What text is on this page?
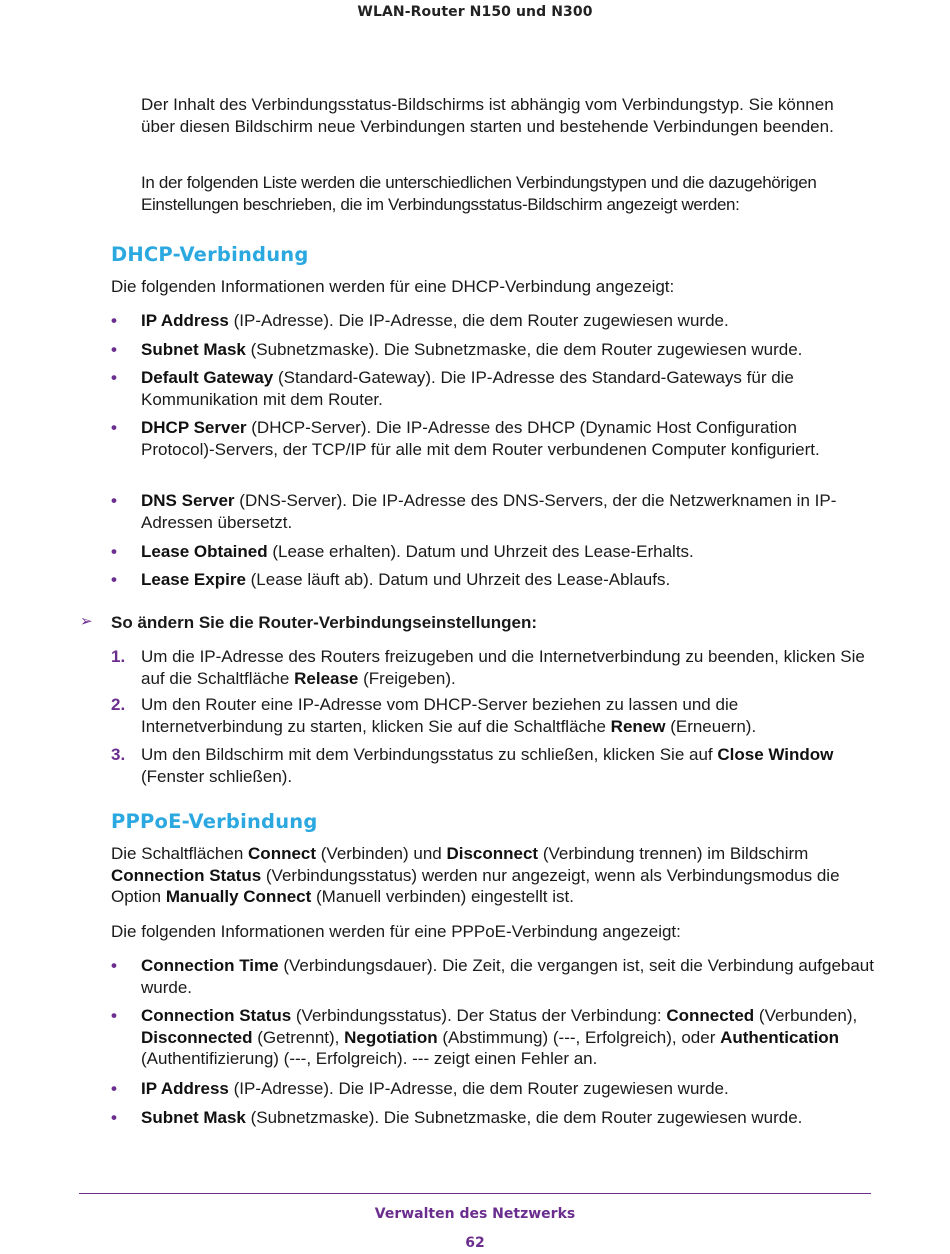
WLAN-Router N150 und N300

Der Inhalt des Verbindungsstatus-Bildschirms ist abhängig vom Verbindungstyp. Sie können über diesen Bildschirm neue Verbindungen starten und bestehende Verbindungen beenden.

In der folgenden Liste werden die unterschiedlichen Verbindungstypen und die dazugehörigen Einstellungen beschrieben, die im Verbindungsstatus-Bildschirm angezeigt werden:

DHCP-Verbindung

Die folgenden Informationen werden für eine DHCP-Verbindung angezeigt:

• IP Address (IP-Adresse). Die IP-Adresse, die dem Router zugewiesen wurde.
• Subnet Mask (Subnetzmaske). Die Subnetzmaske, die dem Router zugewiesen wurde.
• Default Gateway (Standard-Gateway). Die IP-Adresse des Standard-Gateways für die Kommunikation mit dem Router.
• DHCP Server (DHCP-Server). Die IP-Adresse des DHCP (Dynamic Host Configuration Protocol)-Servers, der TCP/IP für alle mit dem Router verbundenen Computer konfiguriert.
• DNS Server (DNS-Server). Die IP-Adresse des DNS-Servers, der die Netzwerknamen in IP-Adressen übersetzt.
• Lease Obtained (Lease erhalten). Datum und Uhrzeit des Lease-Erhalts.
• Lease Expire (Lease läuft ab). Datum und Uhrzeit des Lease-Ablaufs.
➢ So ändern Sie die Router-Verbindungseinstellungen:
1. Um die IP-Adresse des Routers freizugeben und die Internetverbindung zu beenden, klicken Sie auf die Schaltfläche Release (Freigeben).
2. Um den Router eine IP-Adresse vom DHCP-Server beziehen zu lassen und die Internetverbindung zu starten, klicken Sie auf die Schaltfläche Renew (Erneuern).
3. Um den Bildschirm mit dem Verbindungsstatus zu schließen, klicken Sie auf Close Window (Fenster schließen).
PPPoE-Verbindung

Die Schaltflächen Connect (Verbinden) und Disconnect (Verbindung trennen) im Bildschirm Connection Status (Verbindungsstatus) werden nur angezeigt, wenn als Verbindungsmodus die Option Manually Connect (Manuell verbinden) eingestellt ist.

Die folgenden Informationen werden für eine PPPoE-Verbindung angezeigt:

• Connection Time (Verbindungsdauer). Die Zeit, die vergangen ist, seit die Verbindung aufgebaut wurde.
• Connection Status (Verbindungsstatus). Der Status der Verbindung: Connected (Verbunden), Disconnected (Getrennt), Negotiation (Abstimmung) (---, Erfolgreich), oder Authentication (Authentifizierung) (---, Erfolgreich). --- zeigt einen Fehler an.
• IP Address (IP-Adresse). Die IP-Adresse, die dem Router zugewiesen wurde.
• Subnet Mask (Subnetzmaske). Die Subnetzmaske, die dem Router zugewiesen wurde.
Verwalten des Netzwerks
62
